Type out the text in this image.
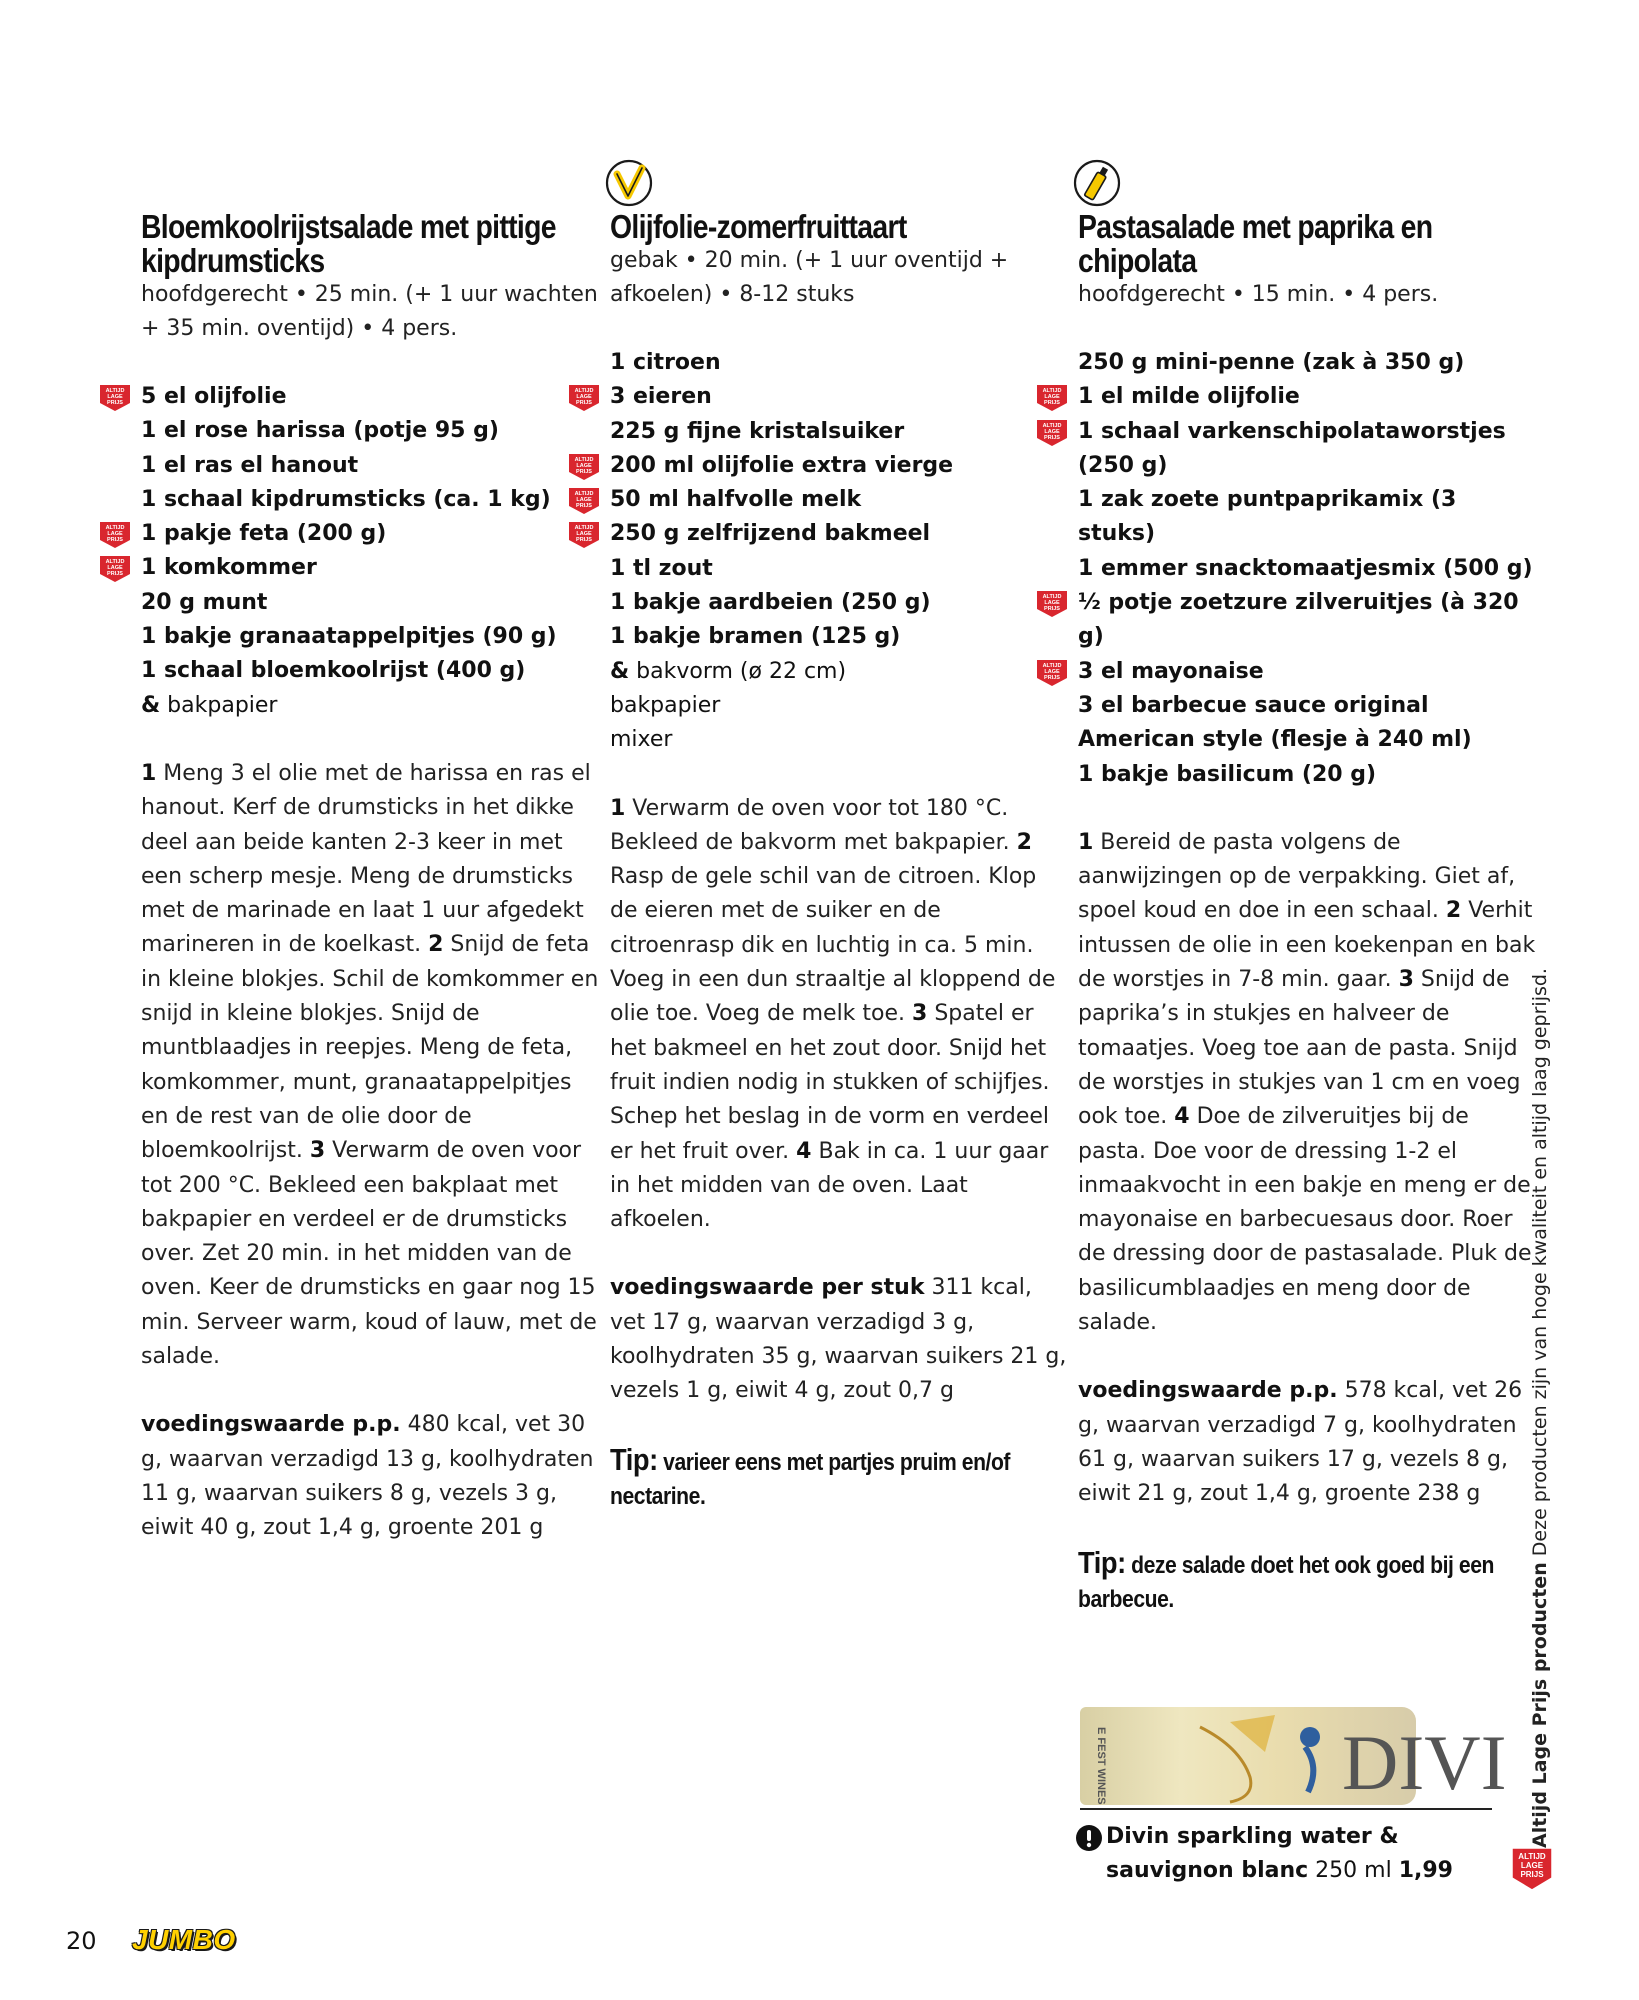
Bloemkoolrijstsalade met pittige kipdrumsticks
hoofdgerecht • 25 min. (+ 1 uur wachten + 35 min. oventijd) • 4 pers.
ALTIJD
LAGE
PRIJS 5 el olijfolie
1 el rose harissa (potje 95 g)
1 el ras el hanout
1 schaal kipdrumsticks (ca. 1 kg)
ALTIJD
LAGE
PRIJS 1 pakje feta (200 g)
ALTIJD
LAGE
PRIJS 1 komkommer
20 g munt
1 bakje granaatappelpitjes (90 g)
1 schaal bloemkoolrijst (400 g)
& bakpapier
1 Meng 3 el olie met de harissa en ras el hanout. Kerf de drumsticks in het dikke deel aan beide kanten 2-3 keer in met een scherp mesje. Meng de drumsticks met de marinade en laat 1 uur afgedekt marineren in de koelkast. 2 Snijd de feta in kleine blokjes. Schil de komkommer en snijd in kleine blokjes. Snijd de muntblaadjes in reepjes. Meng de feta, komkommer, munt, granaatappelpitjes en de rest van de olie door de bloemkoolrijst. 3 Verwarm de oven voor tot 200 °C. Bekleed een bakplaat met bakpapier en verdeel er de drumsticks over. Zet 20 min. in het midden van de oven. Keer de drumsticks en gaar nog 15 min. Serveer warm, koud of lauw, met de salade.
voedingswaarde p.p. 480 kcal, vet 30 g, waarvan verzadigd 13 g, koolhydraten 11 g, waarvan suikers 8 g, vezels 3 g, eiwit 40 g, zout 1,4 g, groente 201 g
Olijfolie-zomerfruittaart
gebak • 20 min. (+ 1 uur oventijd + afkoelen) • 8-12 stuks
1 citroen
ALTIJD
LAGE
PRIJS 3 eieren
225 g fijne kristalsuiker
ALTIJD
LAGE
PRIJS 200 ml olijfolie extra vierge
ALTIJD
LAGE
PRIJS 50 ml halfvolle melk
ALTIJD
LAGE
PRIJS 250 g zelfrijzend bakmeel
1 tl zout
1 bakje aardbeien (250 g)
1 bakje bramen (125 g)
& bakvorm (ø 22 cm)
bakpapier
mixer
1 Verwarm de oven voor tot 180 °C. Bekleed de bakvorm met bakpapier. 2 Rasp de gele schil van de citroen. Klop de eieren met de suiker en de citroenrasp dik en luchtig in ca. 5 min. Voeg in een dun straaltje al kloppend de olie toe. Voeg de melk toe. 3 Spatel er het bakmeel en het zout door. Snijd het fruit indien nodig in stukken of schijfjes. Schep het beslag in de vorm en verdeel er het fruit over. 4 Bak in ca. 1 uur gaar in het midden van de oven. Laat afkoelen.
voedingswaarde per stuk 311 kcal, vet 17 g, waarvan verzadigd 3 g, koolhydraten 35 g, waarvan suikers 21 g, vezels 1 g, eiwit 4 g, zout 0,7 g
Tip: varieer eens met partjes pruim en/of nectarine.
Pastasalade met paprika en chipolata
hoofdgerecht • 15 min. • 4 pers.
250 g mini-penne (zak à 350 g)
ALTIJD
LAGE
PRIJS 1 el milde olijfolie
ALTIJD
LAGE
PRIJS 1 schaal varkenschipolataworstjes (250 g)
1 zak zoete puntpaprikamix (3 stuks)
1 emmer snacktomaatjesmix (500 g)
ALTIJD
LAGE
PRIJS ½ potje zoetzure zilveruitjes (à 320 g)
ALTIJD
LAGE
PRIJS 3 el mayonaise
3 el barbecue sauce original American style (flesje à 240 ml)
1 bakje basilicum (20 g)
1 Bereid de pasta volgens de aanwijzingen op de verpakking. Giet af, spoel koud en doe in een schaal. 2 Verhit intussen de olie in een koekenpan en bak de worstjes in 7-8 min. gaar. 3 Snijd de paprika’s in stukjes en halveer de tomaatjes. Voeg toe aan de pasta. Snijd de worstjes in stukjes van 1 cm en voeg ook toe. 4 Doe de zilveruitjes bij de pasta. Doe voor de dressing 1-2 el inmaakvocht in een bakje en meng er de mayonaise en barbecuesaus door. Roer de dressing door de pastasalade. Pluk de basilicumblaadjes en meng door de salade.
voedingswaarde p.p. 578 kcal, vet 26 g, waarvan verzadigd 7 g, koolhydraten 61 g, waarvan suikers 17 g, vezels 8 g, eiwit 21 g, zout 1,4 g, groente 238 g
Tip: deze salade doet het ook goed bij een barbecue.
E FEST WINES	DIVI
Divin sparkling water & sauvignon blanc 250 ml 1,99
ALTIJD
LAGE
PRIJS
Altijd Lage Prijs producten Deze producten zijn van hoge kwaliteit en altijd laag geprijsd.
20 JUMBO
